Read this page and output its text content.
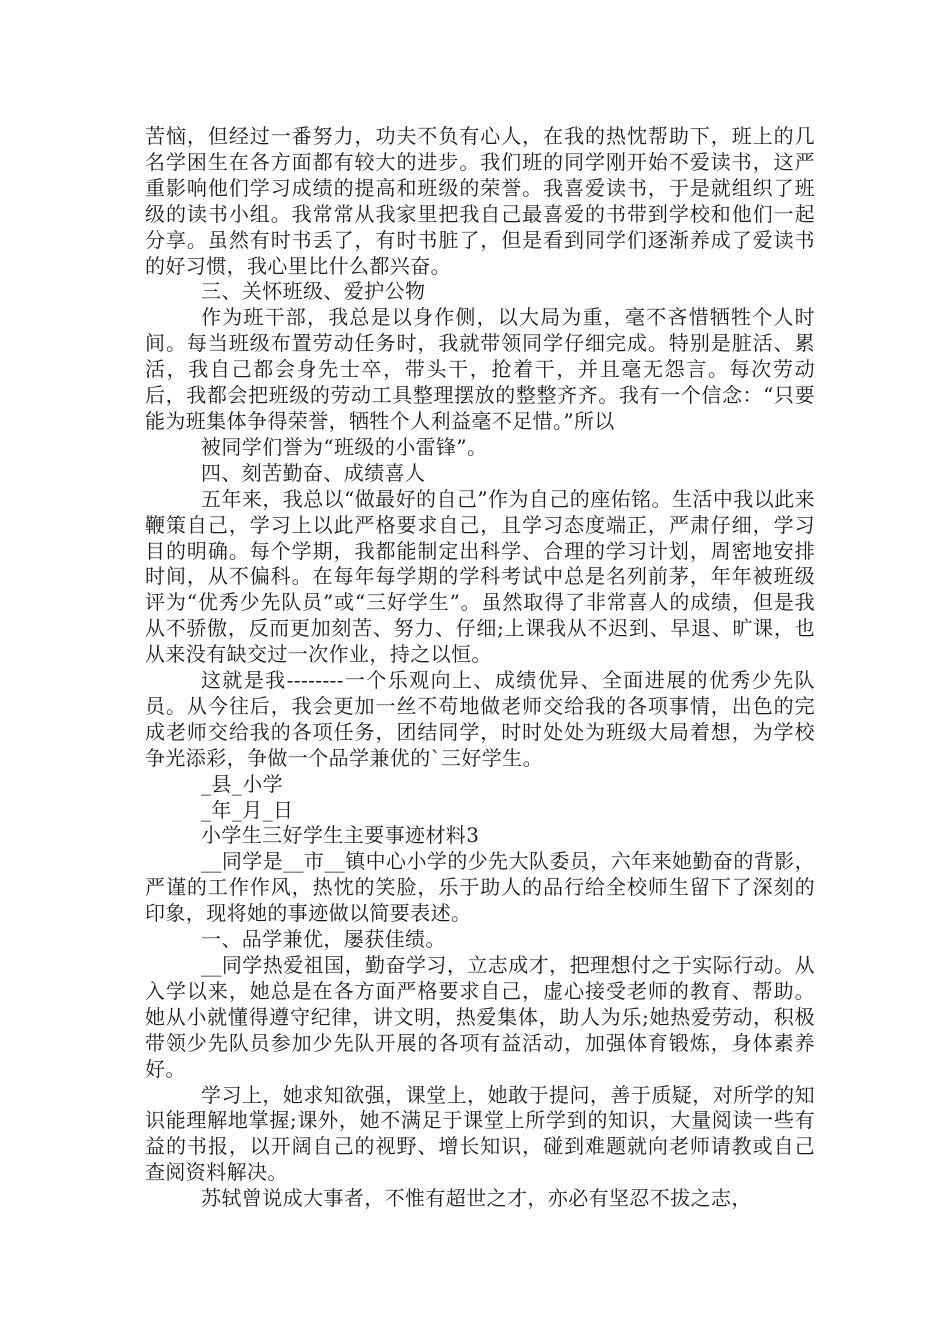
苦恼，但经过一番努力，功夫不负有心人，在我的热忱帮助下，班上的几名学困生在各方面都有较大的进步。我们班的同学刚开始不爱读书，这严重影响他们学习成绩的提高和班级的荣誉。我喜爱读书，于是就组织了班级的读书小组。我常常从我家里把我自己最喜爱的书带到学校和他们一起分享。虽然有时书丢了，有时书脏了，但是看到同学们逐渐养成了爱读书的好习惯，我心里比什么都兴奋。

三、关怀班级、爱护公物

作为班干部，我总是以身作侧，以大局为重，毫不吝惜牺牲个人时间。每当班级布置劳动任务时，我就带领同学仔细完成。特别是脏活、累活，我自己都会身先士卒，带头干，抢着干，并且毫无怨言。每次劳动后，我都会把班级的劳动工具整理摆放的整整齐齐。我有一个信念：“只要能为班集体争得荣誉，牺牲个人利益毫不足惜。”所以

被同学们誉为“班级的小雷锋”。

四、刻苦勤奋、成绩喜人

五年来，我总以“做最好的自己”作为自己的座佑铭。生活中我以此来鞭策自己，学习上以此严格要求自己，且学习态度端正，严肃仔细，学习目的明确。每个学期，我都能制定出科学、合理的学习计划，周密地安排时间，从不偏科。在每年每学期的学科考试中总是名列前茅，年年被班级评为“优秀少先队员”或“三好学生”。虽然取得了非常喜人的成绩，但是我从不骄傲，反而更加刻苦、努力、仔细;上课我从不迟到、早退、旷课，也从来没有缺交过一次作业，持之以恒。

这就是我--------一个乐观向上、成绩优异、全面进展的优秀少先队员。从今往后，我会更加一丝不苟地做老师交给我的各项事情，出色的完成老师交给我的各项任务，团结同学，时时处处为班级大局着想，为学校争光添彩，争做一个品学兼优的`三好学生。

_县_小学

_年_月_日

小学生三好学生主要事迹材料3

__同学是__市__镇中心小学的少先大队委员，六年来她勤奋的背影，严谨的工作作风，热忱的笑脸，乐于助人的品行给全校师生留下了深刻的印象，现将她的事迹做以简要表述。

一、品学兼优，屡获佳绩。

__同学热爱祖国，勤奋学习，立志成才，把理想付之于实际行动。从入学以来，她总是在各方面严格要求自己，虚心接受老师的教育、帮助。她从小就懂得遵守纪律，讲文明，热爱集体，助人为乐;她热爱劳动，积极带领少先队员参加少先队开展的各项有益活动，加强体育锻炼，身体素养好。

学习上，她求知欲强，课堂上，她敢于提问，善于质疑，对所学的知识能理解地掌握;课外，她不满足于课堂上所学到的知识，大量阅读一些有益的书报，以开阔自己的视野、增长知识，碰到难题就向老师请教或自己查阅资料解决。

苏轼曾说成大事者，不惟有超世之才，亦必有坚忍不拔之志，
